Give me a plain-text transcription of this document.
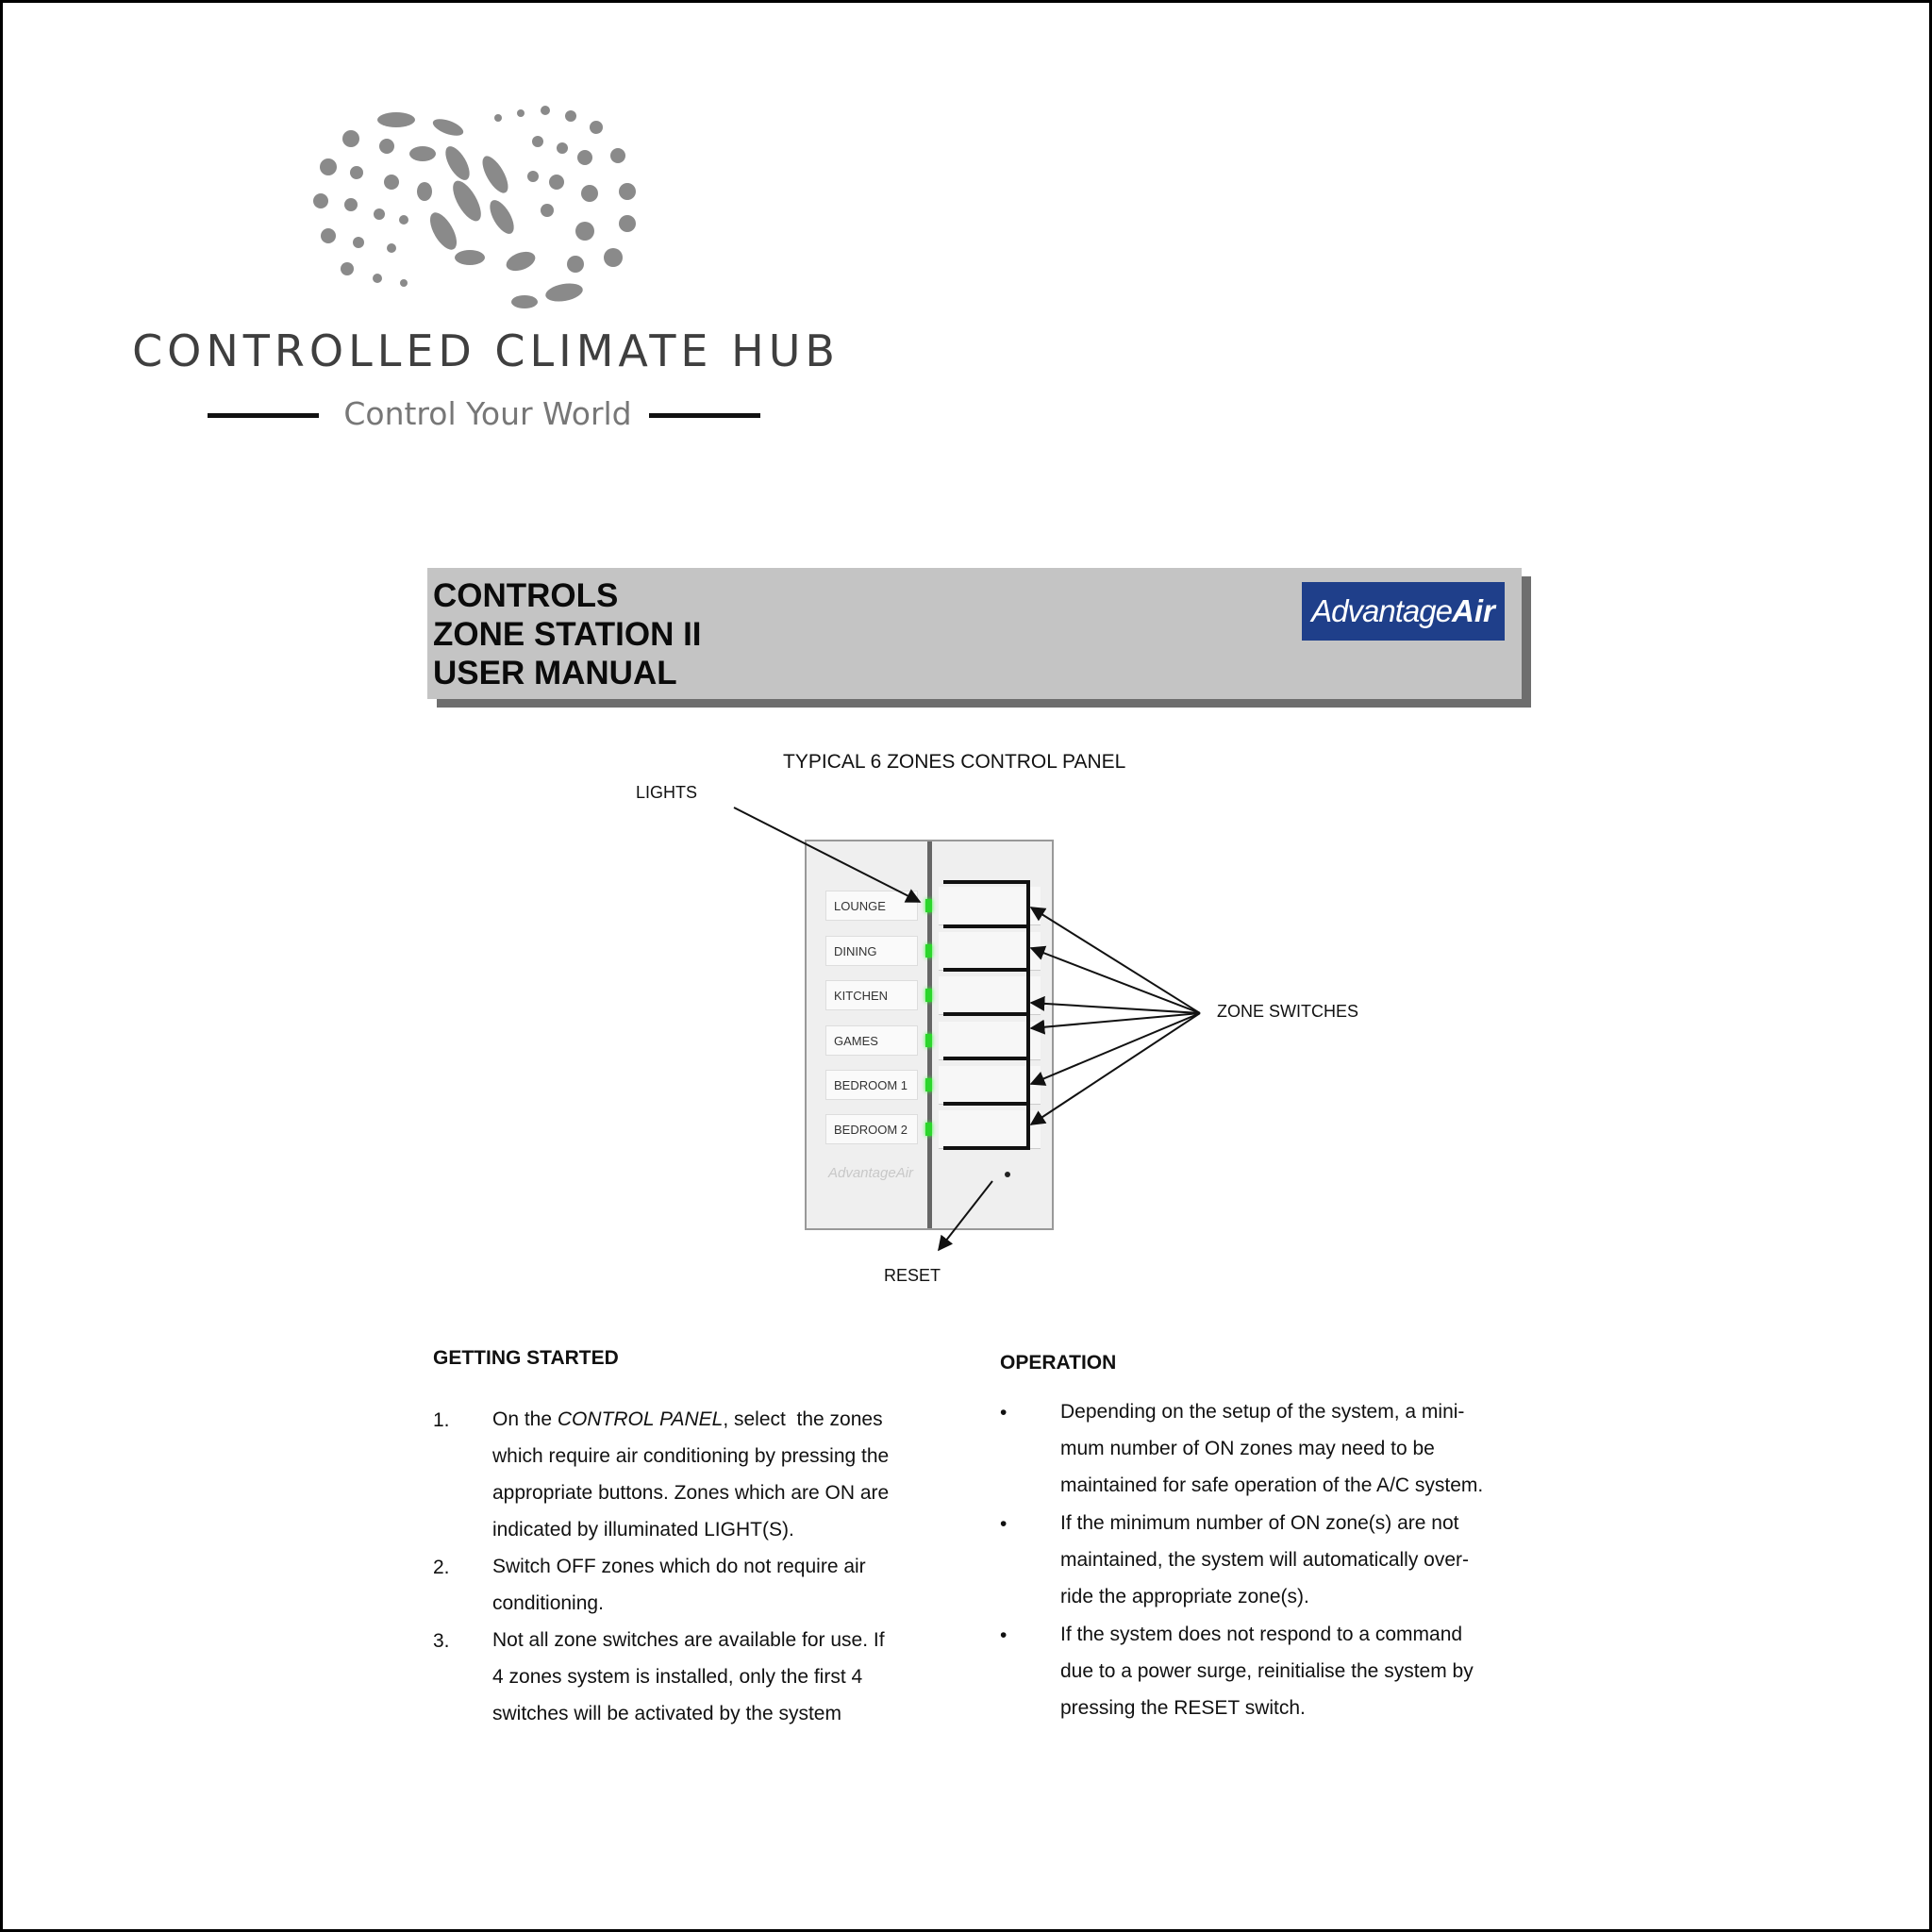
CONTROLLED CLIMATE HUB
Control Your World
CONTROLS
ZONE STATION II
USER MANUAL
Advantage Air
TYPICAL 6 ZONES CONTROL PANEL
LIGHTS
ZONE SWITCHES
RESET
LOUNGE
DINING
KITCHEN
GAMES
BEDROOM 1
BEDROOM 2
AdvantageAir
GETTING STARTED
1. On the CONTROL PANEL, select  the zones
which require air conditioning by pressing the
appropriate buttons. Zones which are ON are
indicated by illuminated LIGHT(S).
2. Switch OFF zones which do not require air
conditioning.
3. Not all zone switches are available for use. If
4 zones system is installed, only the first 4
switches will be activated by the system
OPERATION
•	Depending on the setup of the system, a mini-
mum number of ON zones may need to be
maintained for safe operation of the A/C system.
•	If the minimum number of ON zone(s) are not
maintained, the system will automatically over-
ride the appropriate zone(s).
•	If the system does not respond to a command
due to a power surge, reinitialise the system by
pressing the RESET switch.
